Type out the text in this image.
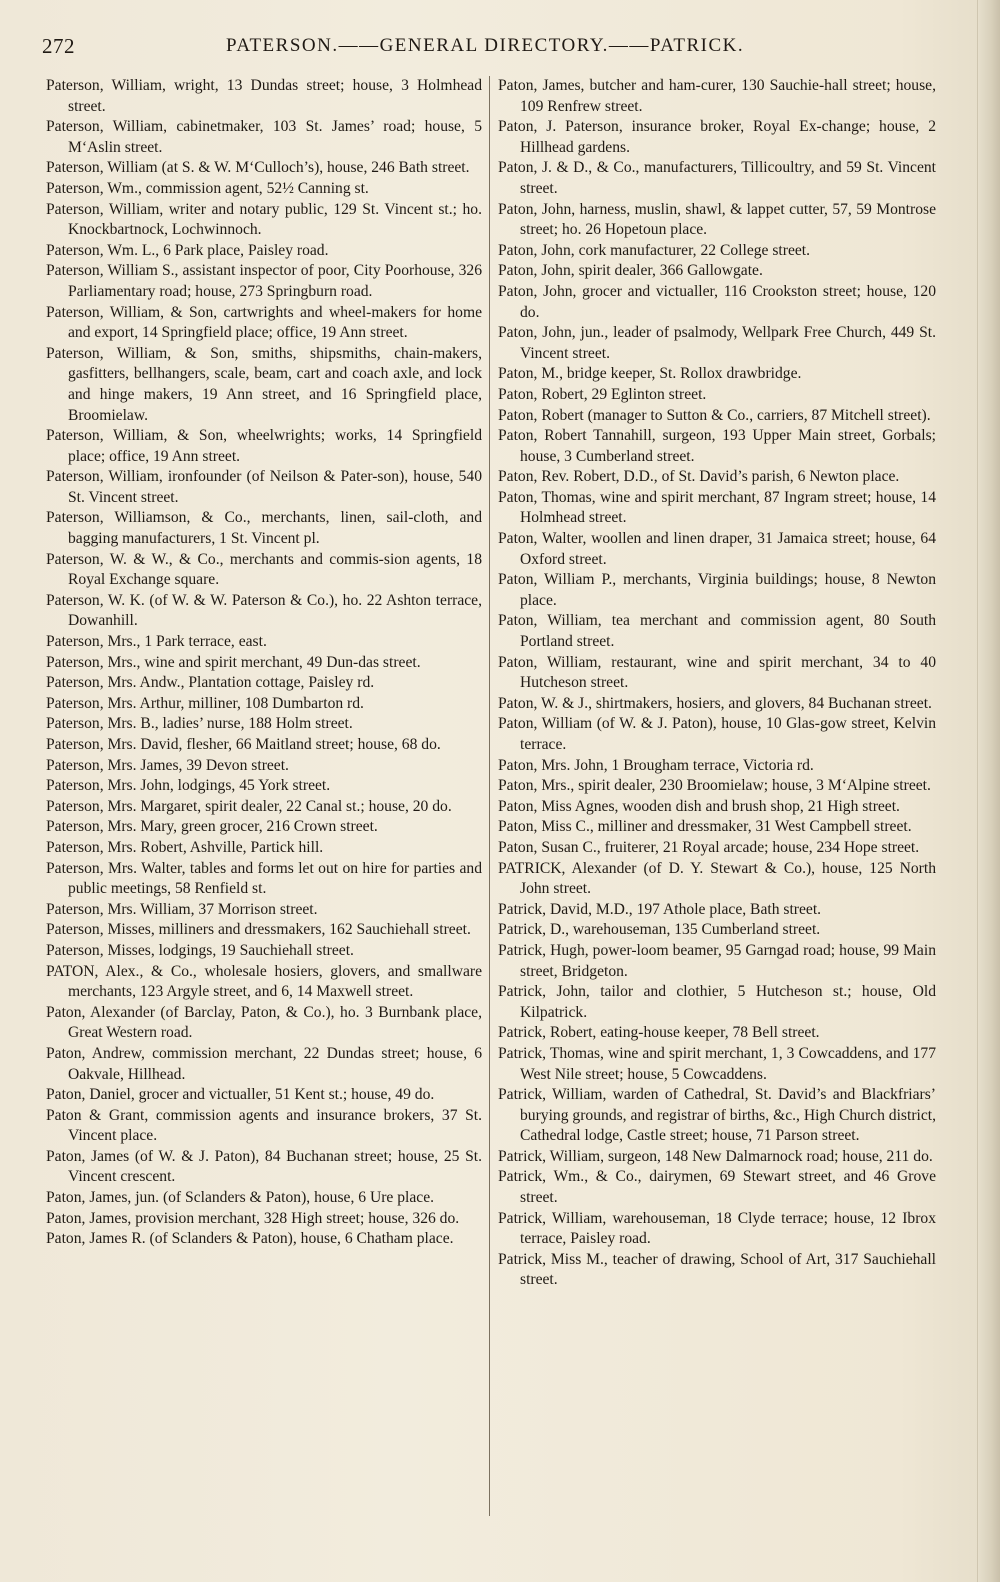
272	PATERSON.——GENERAL DIRECTORY.——PATRICK.

Paterson, William, wright, 13 Dundas street; house, 3 Holmhead street.

Paterson, William, cabinetmaker, 103 St. James’ road; house, 5 M‘Aslin street.

Paterson, William (at S. & W. M‘Culloch’s), house, 246 Bath street.

Paterson, Wm., commission agent, 52½ Canning st.

Paterson, William, writer and notary public, 129 St. Vincent st.; ho. Knockbartnock, Lochwinnoch.

Paterson, Wm. L., 6 Park place, Paisley road.

Paterson, William S., assistant inspector of poor, City Poorhouse, 326 Parliamentary road; house, 273 Springburn road.

Paterson, William, & Son, cartwrights and wheel-makers for home and export, 14 Springfield place; office, 19 Ann street.

Paterson, William, & Son, smiths, shipsmiths, chain-makers, gasfitters, bellhangers, scale, beam, cart and coach axle, and lock and hinge makers, 19 Ann street, and 16 Springfield place, Broomielaw.

Paterson, William, & Son, wheelwrights; works, 14 Springfield place; office, 19 Ann street.

Paterson, William, ironfounder (of Neilson & Pater-son), house, 540 St. Vincent street.

Paterson, Williamson, & Co., merchants, linen, sail-cloth, and bagging manufacturers, 1 St. Vincent pl.

Paterson, W. & W., & Co., merchants and commis-sion agents, 18 Royal Exchange square.

Paterson, W. K. (of W. & W. Paterson & Co.), ho. 22 Ashton terrace, Dowanhill.

Paterson, Mrs., 1 Park terrace, east.

Paterson, Mrs., wine and spirit merchant, 49 Dun-das street.

Paterson, Mrs. Andw., Plantation cottage, Paisley rd.

Paterson, Mrs. Arthur, milliner, 108 Dumbarton rd.

Paterson, Mrs. B., ladies’ nurse, 188 Holm street.

Paterson, Mrs. David, flesher, 66 Maitland street; house, 68 do.

Paterson, Mrs. James, 39 Devon street.

Paterson, Mrs. John, lodgings, 45 York street.

Paterson, Mrs. Margaret, spirit dealer, 22 Canal st.; house, 20 do.

Paterson, Mrs. Mary, green grocer, 216 Crown street.

Paterson, Mrs. Robert, Ashville, Partick hill.

Paterson, Mrs. Walter, tables and forms let out on hire for parties and public meetings, 58 Renfield st.

Paterson, Mrs. William, 37 Morrison street.

Paterson, Misses, milliners and dressmakers, 162 Sauchiehall street.

Paterson, Misses, lodgings, 19 Sauchiehall street.

PATON, Alex., & Co., wholesale hosiers, glovers, and smallware merchants, 123 Argyle street, and 6, 14 Maxwell street.

Paton, Alexander (of Barclay, Paton, & Co.), ho. 3 Burnbank place, Great Western road.

Paton, Andrew, commission merchant, 22 Dundas street; house, 6 Oakvale, Hillhead.

Paton, Daniel, grocer and victualler, 51 Kent st.; house, 49 do.

Paton & Grant, commission agents and insurance brokers, 37 St. Vincent place.

Paton, James (of W. & J. Paton), 84 Buchanan street; house, 25 St. Vincent crescent.

Paton, James, jun. (of Sclanders & Paton), house, 6 Ure place.

Paton, James, provision merchant, 328 High street; house, 326 do.

Paton, James R. (of Sclanders & Paton), house, 6 Chatham place.

Paton, James, butcher and ham-curer, 130 Sauchie-hall street; house, 109 Renfrew street.

Paton, J. Paterson, insurance broker, Royal Ex-change; house, 2 Hillhead gardens.

Paton, J. & D., & Co., manufacturers, Tillicoultry, and 59 St. Vincent street.

Paton, John, harness, muslin, shawl, & lappet cutter, 57, 59 Montrose street; ho. 26 Hopetoun place.

Paton, John, cork manufacturer, 22 College street.

Paton, John, spirit dealer, 366 Gallowgate.

Paton, John, grocer and victualler, 116 Crookston street; house, 120 do.

Paton, John, jun., leader of psalmody, Wellpark Free Church, 449 St. Vincent street.

Paton, M., bridge keeper, St. Rollox drawbridge.

Paton, Robert, 29 Eglinton street.

Paton, Robert (manager to Sutton & Co., carriers, 87 Mitchell street).

Paton, Robert Tannahill, surgeon, 193 Upper Main street, Gorbals; house, 3 Cumberland street.

Paton, Rev. Robert, D.D., of St. David’s parish, 6 Newton place.

Paton, Thomas, wine and spirit merchant, 87 Ingram street; house, 14 Holmhead street.

Paton, Walter, woollen and linen draper, 31 Jamaica street; house, 64 Oxford street.

Paton, William P., merchants, Virginia buildings; house, 8 Newton place.

Paton, William, tea merchant and commission agent, 80 South Portland street.

Paton, William, restaurant, wine and spirit merchant, 34 to 40 Hutcheson street.

Paton, W. & J., shirtmakers, hosiers, and glovers, 84 Buchanan street.

Paton, William (of W. & J. Paton), house, 10 Glas-gow street, Kelvin terrace.

Paton, Mrs. John, 1 Brougham terrace, Victoria rd.

Paton, Mrs., spirit dealer, 230 Broomielaw; house, 3 M‘Alpine street.

Paton, Miss Agnes, wooden dish and brush shop, 21 High street.

Paton, Miss C., milliner and dressmaker, 31 West Campbell street.

Paton, Susan C., fruiterer, 21 Royal arcade; house, 234 Hope street.

PATRICK, Alexander (of D. Y. Stewart & Co.), house, 125 North John street.

Patrick, David, M.D., 197 Athole place, Bath street.

Patrick, D., warehouseman, 135 Cumberland street.

Patrick, Hugh, power-loom beamer, 95 Garngad road; house, 99 Main street, Bridgeton.

Patrick, John, tailor and clothier, 5 Hutcheson st.; house, Old Kilpatrick.

Patrick, Robert, eating-house keeper, 78 Bell street.

Patrick, Thomas, wine and spirit merchant, 1, 3 Cowcaddens, and 177 West Nile street; house, 5 Cowcaddens.

Patrick, William, warden of Cathedral, St. David’s and Blackfriars’ burying grounds, and registrar of births, &c., High Church district, Cathedral lodge, Castle street; house, 71 Parson street.

Patrick, William, surgeon, 148 New Dalmarnock road; house, 211 do.

Patrick, Wm., & Co., dairymen, 69 Stewart street, and 46 Grove street.

Patrick, William, warehouseman, 18 Clyde terrace; house, 12 Ibrox terrace, Paisley road.

Patrick, Miss M., teacher of drawing, School of Art, 317 Sauchiehall street.
